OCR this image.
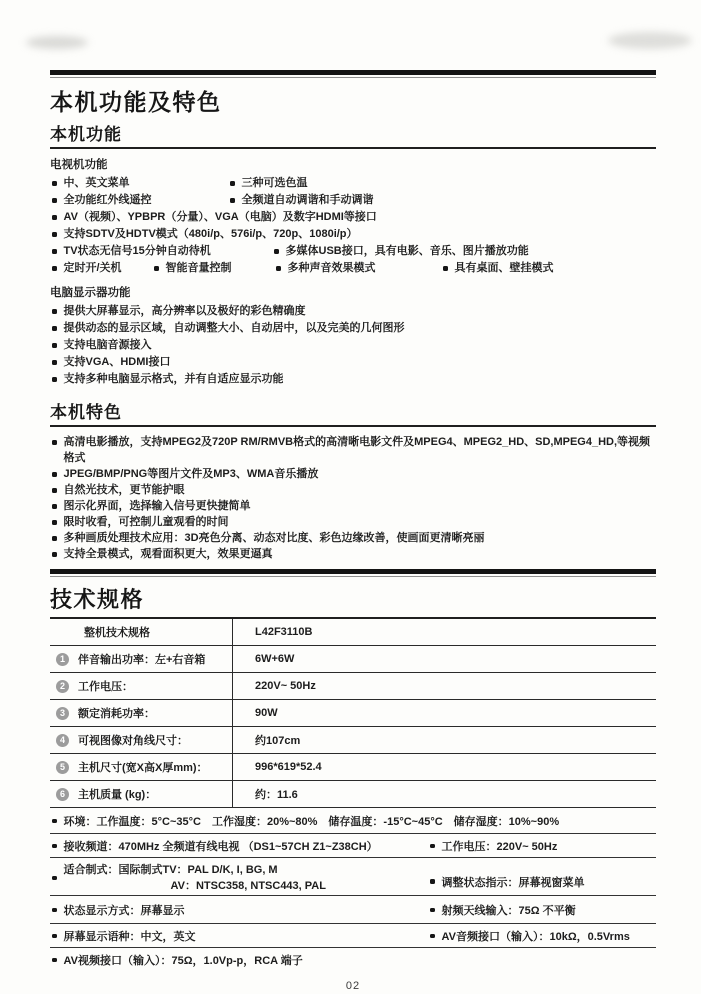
本机功能及特色
本机功能
电视机功能
中、英文菜单	三种可选色温
全功能红外线遥控	全频道自动调谐和手动调谐
AV（视频）、YPBPR（分量）、VGA（电脑）及数字HDMI等接口
支持SDTV及HDTV模式（480i/p、576i/p、720p、1080i/p）
TV状态无信号15分钟自动待机	多媒体USB接口，具有电影、音乐、图片播放功能
定时开/关机	智能音量控制	多种声音效果模式	具有桌面、壁挂模式
电脑显示器功能
提供大屏幕显示，高分辨率以及极好的彩色精确度
提供动态的显示区域，自动调整大小、自动居中，以及完美的几何图形
支持电脑音源接入
支持VGA、HDMI接口
支持多种电脑显示格式，并有自适应显示功能
本机特色
高清电影播放，支持MPEG2及720P RM/RMVB格式的高清晰电影文件及MPEG4、MPEG2_HD、SD,MPEG4_HD,等视频格式
JPEG/BMP/PNG等图片文件及MP3、WMA音乐播放
自然光技术，更节能护眼
图示化界面，选择输入信号更快捷简单
限时收看，可控制儿童观看的时间
多种画质处理技术应用：3D亮色分离、动态对比度、彩色边缘改善，使画面更清晰亮丽
支持全景模式，观看面积更大，效果更逼真
技术规格
整机技术规格	L42F3110B
1	伴音输出功率：左+右音箱	6W+6W
2	工作电压：	220V~ 50Hz
3	额定消耗功率：	90W
4	可视图像对角线尺寸：	约107cm
5	主机尺寸(宽X高X厚mm)：	996*619*52.4
6	主机质量 (kg)：	约：11.6
环境：工作温度：5°C~35°C　工作湿度：20%~80%　储存温度：-15°C~45°C　储存湿度：10%~90%
接收频道：470MHz 全频道有线电视 （DS1~57CH Z1~Z38CH）	工作电压：220V~ 50Hz
适合制式：国际制式TV：PAL D/K, I, BG, M
AV：NTSC358, NTSC443, PAL	调整状态指示：屏幕视窗菜单
状态显示方式：屏幕显示	射频天线输入：75Ω 不平衡
屏幕显示语种：中文，英文	AV音频接口（输入）：10kΩ，0.5Vrms
AV视频接口（输入）：75Ω，1.0Vp-p，RCA 端子
02
